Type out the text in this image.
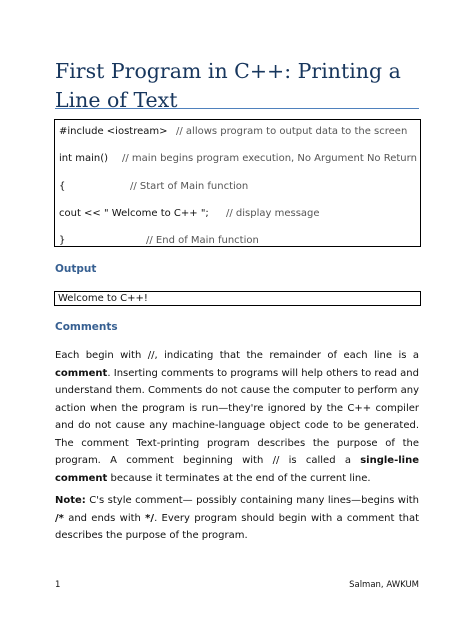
First Program in C++: Printing a Line of Text
#include <iostream> // allows program to output data to the screen
int main() // main begins program execution, No Argument No Return
{	// Start of Main function
cout << " Welcome to C++ "; // display message
}	// End of Main function
Output
Welcome to C++!
Comments

Each begin with //, indicating that the remainder of each line is a comment. Inserting comments to programs will help others to read and understand them. Comments do not cause the computer to perform any action when the program is run—they're ignored by the C++ compiler and do not cause any machine-language object code to be generated. The comment Text-printing program describes the purpose of the program. A comment beginning with // is called a single-line comment because it terminates at the end of the current line.

Note: C's style comment— possibly containing many lines—begins with /* and ends with */. Every program should begin with a comment that describes the purpose of the program.

1	Salman, AWKUM
